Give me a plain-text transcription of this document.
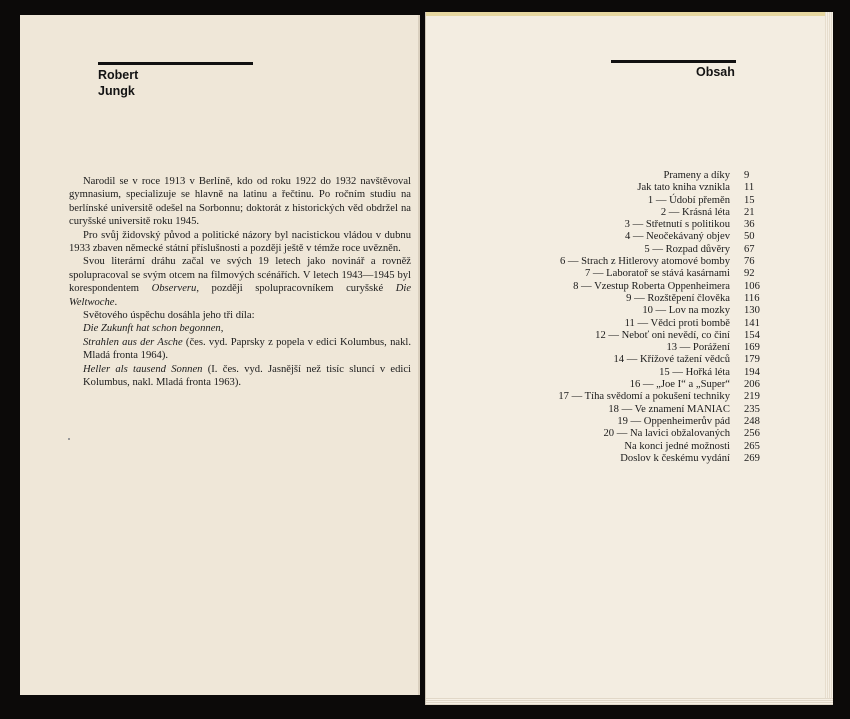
Robert
Jungk

Narodil se v roce 1913 v Berlíně, kdo od roku 1922 do 1932 navštěvoval gymnasium, specializuje se hlavně na latinu a řečtinu. Po ročním studiu na berlínské universitě odešel na Sorbonnu; doktorát z historických věd obdržel na curyšské universitě roku 1945.

Pro svůj židovský původ a politické názory byl nacistickou vládou v dubnu 1933 zbaven německé státní příslušnosti a později ještě v témže roce uvězněn.

Svou literární dráhu začal ve svých 19 letech jako novinář a rovněž spolupracoval se svým otcem na filmových scénářích. V letech 1943—1945 byl korespondentem Observeru, později spolupracovníkem curyšské Die Weltwoche.

Světového úspěchu dosáhla jeho tři díla:

Die Zukunft hat schon begonnen,

Strahlen aus der Asche (čes. vyd. Paprsky z popela v edici Kolumbus, nakl. Mladá fronta 1964).

Heller als tausend Sonnen (I. čes. vyd. Jasnější než tisíc sluncí v edici Kolumbus, nakl. Mladá fronta 1963).

Obsah
Prameny a díky	9
Jak tato kniha vznikla	11
1 — Údobí přeměn	15
2 — Krásná léta	21
3 — Střetnutí s politikou	36
4 — Neočekávaný objev	50
5 — Rozpad důvěry	67
6 — Strach z Hitlerovy atomové bomby	76
7 — Laboratoř se stává kasárnami	92
8 — Vzestup Roberta Oppenheimera	106
9 — Rozštěpení člověka	116
10 — Lov na mozky	130
11 — Vědci proti bombě	141
12 — Neboť oni nevědí, co činí	154
13 — Porážení	169
14 — Křížové tažení vědců	179
15 — Hořká léta	194
16 — „Joe I“ a „Super“	206
17 — Tíha svědomí a pokušení techniky	219
18 — Ve znamení MANIAC	235
19 — Oppenheimerův pád	248
20 — Na lavici obžalovaných	256
Na konci jedné možnosti	265
Doslov k českému vydání	269
